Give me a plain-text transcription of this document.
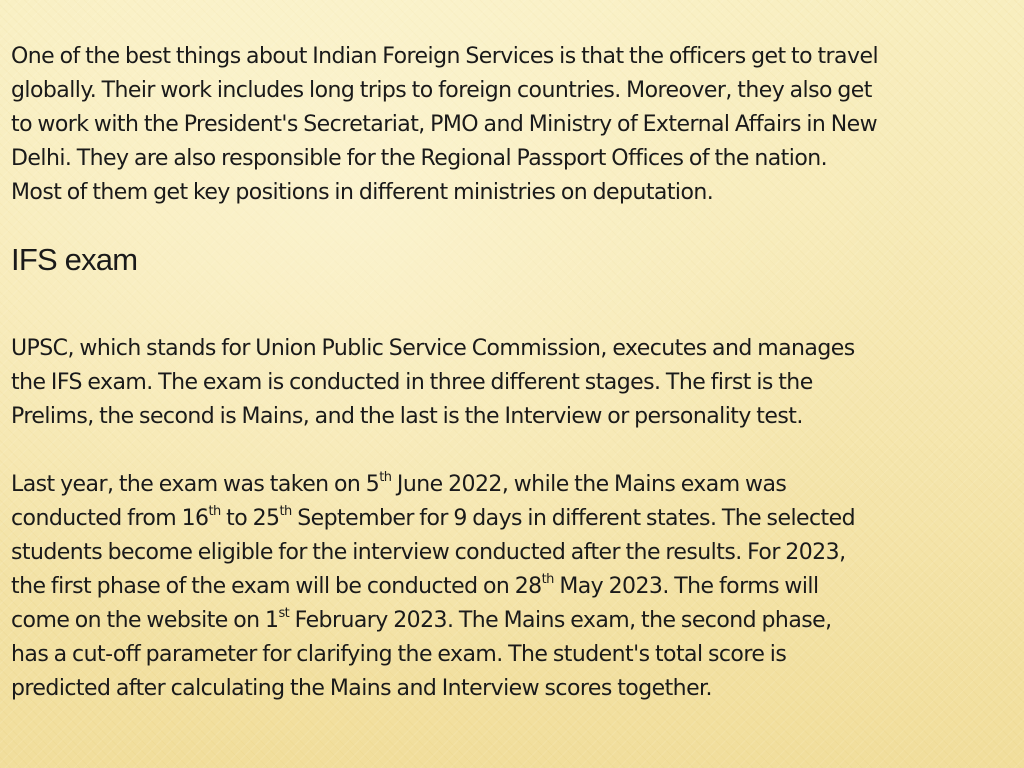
One of the best things about Indian Foreign Services is that the officers get to travel
globally. Their work includes long trips to foreign countries. Moreover, they also get
to work with the President's Secretariat, PMO and Ministry of External Affairs in New
Delhi. They are also responsible for the Regional Passport Offices of the nation.
Most of them get key positions in different ministries on deputation.

IFS exam

UPSC, which stands for Union Public Service Commission, executes and manages
the IFS exam. The exam is conducted in three different stages. The first is the
Prelims, the second is Mains, and the last is the Interview or personality test.

Last year, the exam was taken on 5th June 2022, while the Mains exam was
conducted from 16th to 25th September for 9 days in different states. The selected
students become eligible for the interview conducted after the results. For 2023,
the first phase of the exam will be conducted on 28th May 2023. The forms will
come on the website on 1st February 2023. The Mains exam, the second phase,
has a cut-off parameter for clarifying the exam. The student's total score is
predicted after calculating the Mains and Interview scores together.
